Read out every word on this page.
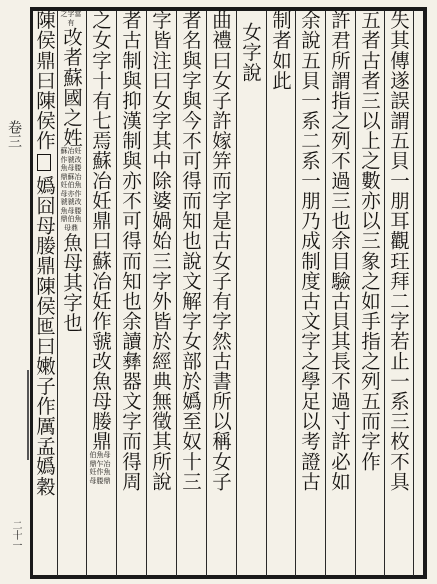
卷三
二十一
失其傳遂誤謂五貝一朋耳觀玨拜二字若止一系三枚不具
五者古者三以上之數亦以三象之如手指之列五而字作
許君所謂指之列不過三也余目驗古貝其長不過寸許必如
余說五貝一系二系一朋乃成制度古文字之學足以考證古
制者如此
女字說
曲禮曰女子許嫁笄而字是古女子有字然古書所以稱女子
者名與字與今不可得而知也說文解字女部於嬀至奴十三
字皆注曰女字其中除婆媧始三字外皆於經典無徵其所說
者古制與抑漢制與亦不可得而知也余讀彝器文字而得周
之女字十有七焉蘇冶妊鼎曰蘇冶妊作虢改魚母媵鼎伯魚母鼎乍冶妊作魚母媵鼎
之字當有改者蘇國之姓蘇冶妊作虢改魚母媵鼎蘇冶妊伯魚母亦作虢虢改魚母媵鼎伯魚母鼎魚母其字也
陳侯鼎曰陳侯作嬀囧母媵鼎陳侯匜曰嫩子作厲孟嬀穀
